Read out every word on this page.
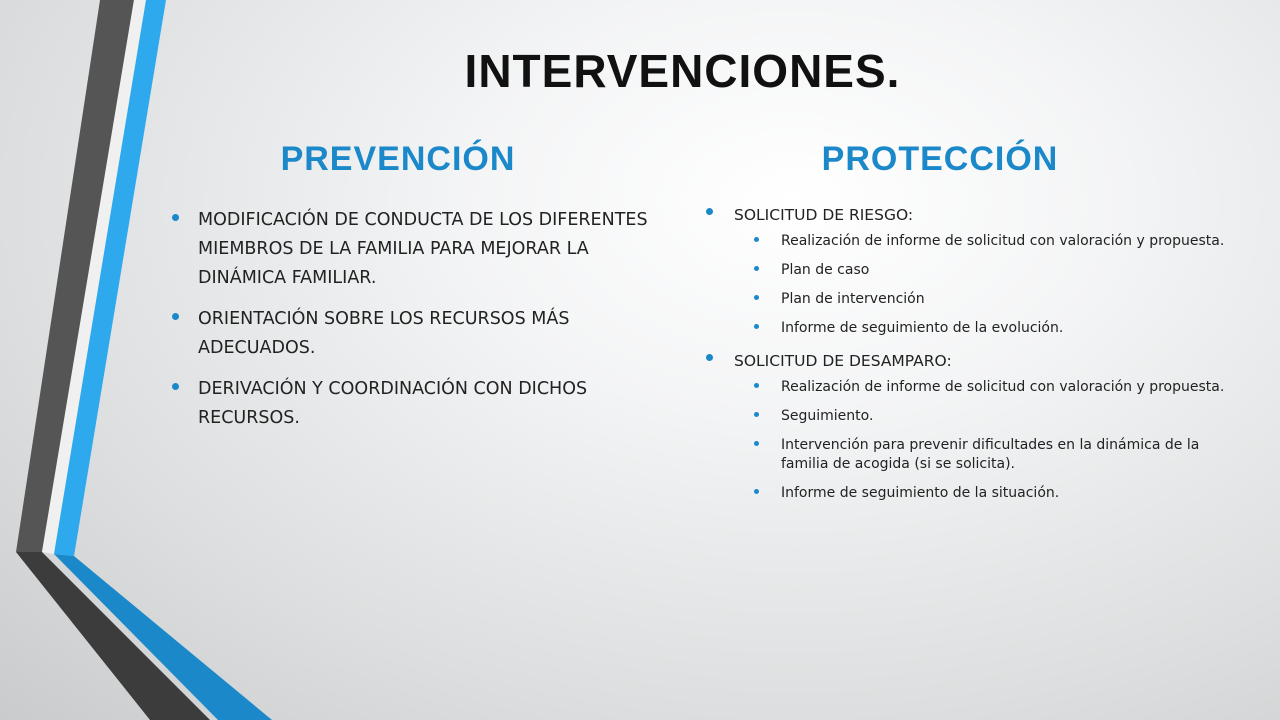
INTERVENCIONES.
PREVENCIÓN	PROTECCIÓN
MODIFICACIÓN DE CONDUCTA DE LOS DIFERENTES MIEMBROS DE LA FAMILIA PARA MEJORAR LA DINÁMICA FAMILIAR.
ORIENTACIÓN SOBRE LOS RECURSOS MÁS ADECUADOS.
DERIVACIÓN Y COORDINACIÓN CON DICHOS RECURSOS.
SOLICITUD DE RIESGO:
Realización de informe de solicitud con valoración y propuesta.
Plan de caso
Plan de intervención
Informe de seguimiento de la evolución.
SOLICITUD DE DESAMPARO:
Realización de informe de solicitud con valoración y propuesta.
Seguimiento.
Intervención para prevenir dificultades en la dinámica de la familia de acogida (si se solicita).
Informe de seguimiento de la situación.
